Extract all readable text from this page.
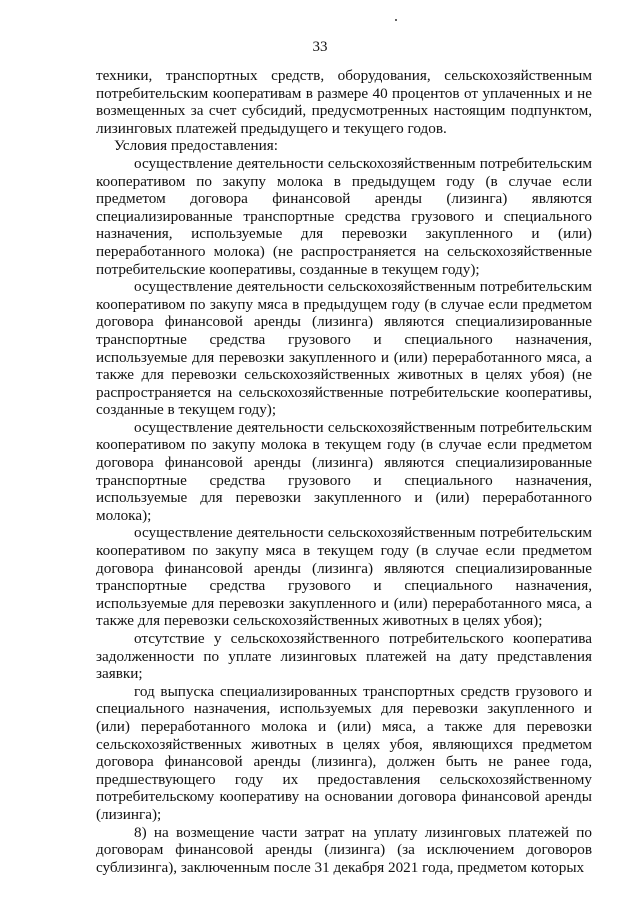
33

техники, транспортных средств, оборудования, сельскохозяйственным потребительским кооперативам в размере 40 процентов от уплаченных и не возмещенных за счет субсидий, предусмотренных настоящим подпунктом, лизинговых платежей предыдущего и текущего годов.

Условия предоставления:

осуществление деятельности сельскохозяйственным потребительским кооперативом по закупу молока в предыдущем году (в случае если предметом договора финансовой аренды (лизинга) являются специализированные транспортные средства грузового и специального назначения, используемые для перевозки закупленного и (или) переработанного молока) (не распространяется на сельскохозяйственные потребительские кооперативы, созданные в текущем году);

осуществление деятельности сельскохозяйственным потребительским кооперативом по закупу мяса в предыдущем году (в случае если предметом договора финансовой аренды (лизинга) являются специализированные транспортные средства грузового и специального назначения, используемые для перевозки закупленного и (или) переработанного мяса, а также для перевозки сельскохозяйственных животных в целях убоя) (не распространяется на сельскохозяйственные потребительские кооперативы, созданные в текущем году);

осуществление деятельности сельскохозяйственным потребительским кооперативом по закупу молока в текущем году (в случае если предметом договора финансовой аренды (лизинга) являются специализированные транспортные средства грузового и специального назначения, используемые для перевозки закупленного и (или) переработанного молока);

осуществление деятельности сельскохозяйственным потребительским кооперативом по закупу мяса в текущем году (в случае если предметом договора финансовой аренды (лизинга) являются специализированные транспортные средства грузового и специального назначения, используемые для перевозки закупленного и (или) переработанного мяса, а также для перевозки сельскохозяйственных животных в целях убоя);

отсутствие у сельскохозяйственного потребительского кооператива задолженности по уплате лизинговых платежей на дату представления заявки;

год выпуска специализированных транспортных средств грузового и специального назначения, используемых для перевозки закупленного и (или) переработанного молока и (или) мяса, а также для перевозки сельскохозяйственных животных в целях убоя, являющихся предметом договора финансовой аренды (лизинга), должен быть не ранее года, предшествующего году их предоставления сельскохозяйственному потребительскому кооперативу на основании договора финансовой аренды (лизинга);

8) на возмещение части затрат на уплату лизинговых платежей по договорам финансовой аренды (лизинга) (за исключением договоров сублизинга), заключенным после 31 декабря 2021 года, предметом которых
